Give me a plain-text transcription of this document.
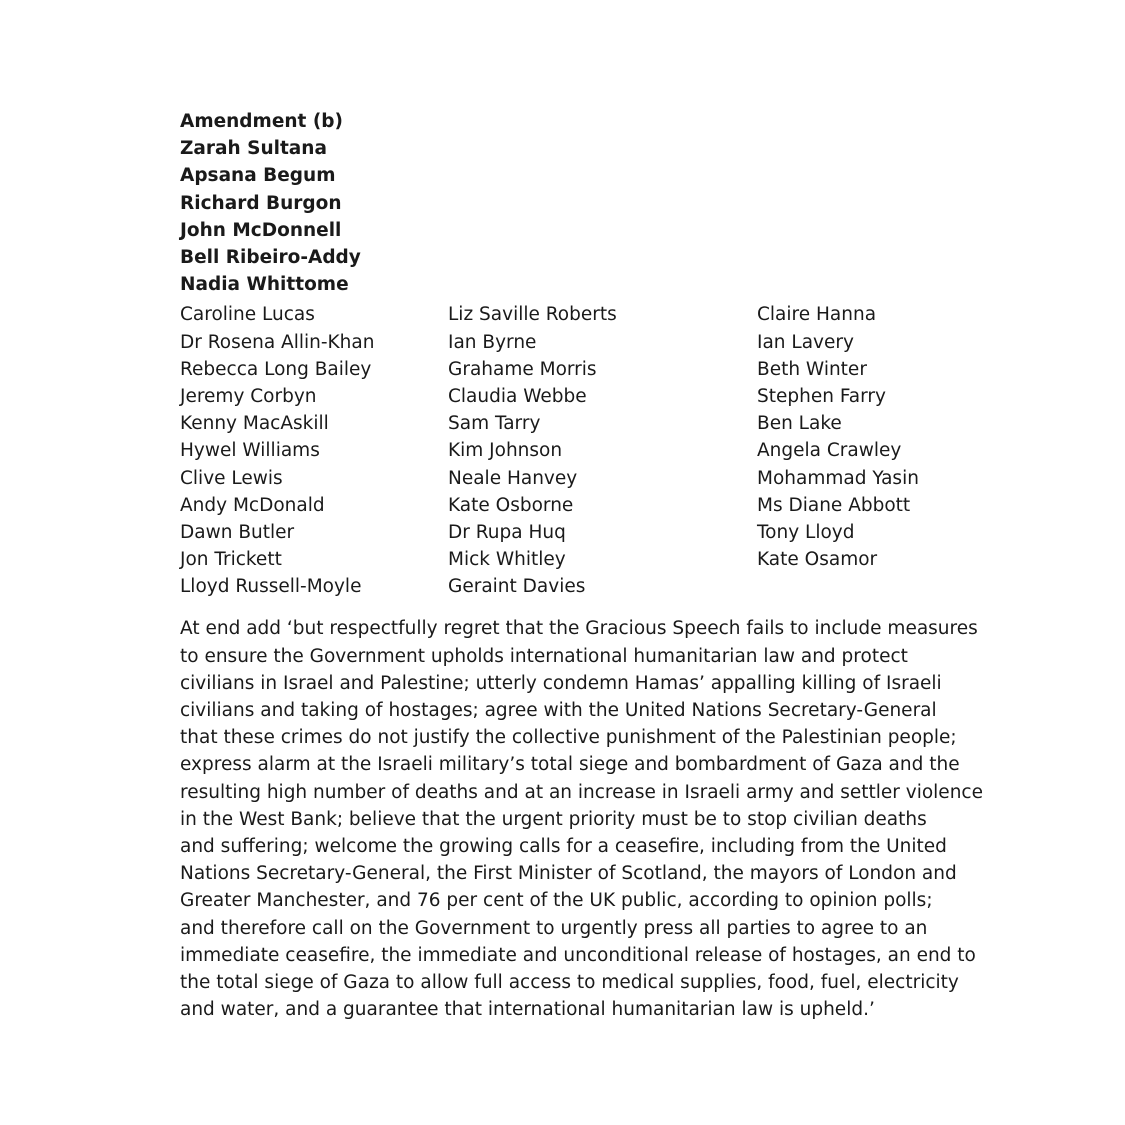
Amendment (b)
Zarah Sultana
Apsana Begum
Richard Burgon
John McDonnell
Bell Ribeiro-Addy
Nadia Whittome
Caroline Lucas
Dr Rosena Allin-Khan
Rebecca Long Bailey
Jeremy Corbyn
Kenny MacAskill
Hywel Williams
Clive Lewis
Andy McDonald
Dawn Butler
Jon Trickett
Lloyd Russell-Moyle
Liz Saville Roberts
Ian Byrne
Grahame Morris
Claudia Webbe
Sam Tarry
Kim Johnson
Neale Hanvey
Kate Osborne
Dr Rupa Huq
Mick Whitley
Geraint Davies
Claire Hanna
Ian Lavery
Beth Winter
Stephen Farry
Ben Lake
Angela Crawley
Mohammad Yasin
Ms Diane Abbott
Tony Lloyd
Kate Osamor
At end add ‘but respectfully regret that the Gracious Speech fails to include measures
to ensure the Government upholds international humanitarian law and protect
civilians in Israel and Palestine; utterly condemn Hamas’ appalling killing of Israeli
civilians and taking of hostages; agree with the United Nations Secretary-General
that these crimes do not justify the collective punishment of the Palestinian people;
express alarm at the Israeli military’s total siege and bombardment of Gaza and the
resulting high number of deaths and at an increase in Israeli army and settler violence
in the West Bank; believe that the urgent priority must be to stop civilian deaths
and suffering; welcome the growing calls for a ceasefire, including from the United
Nations Secretary-General, the First Minister of Scotland, the mayors of London and
Greater Manchester, and 76 per cent of the UK public, according to opinion polls;
and therefore call on the Government to urgently press all parties to agree to an
immediate ceasefire, the immediate and unconditional release of hostages, an end to
the total siege of Gaza to allow full access to medical supplies, food, fuel, electricity
and water, and a guarantee that international humanitarian law is upheld.’
